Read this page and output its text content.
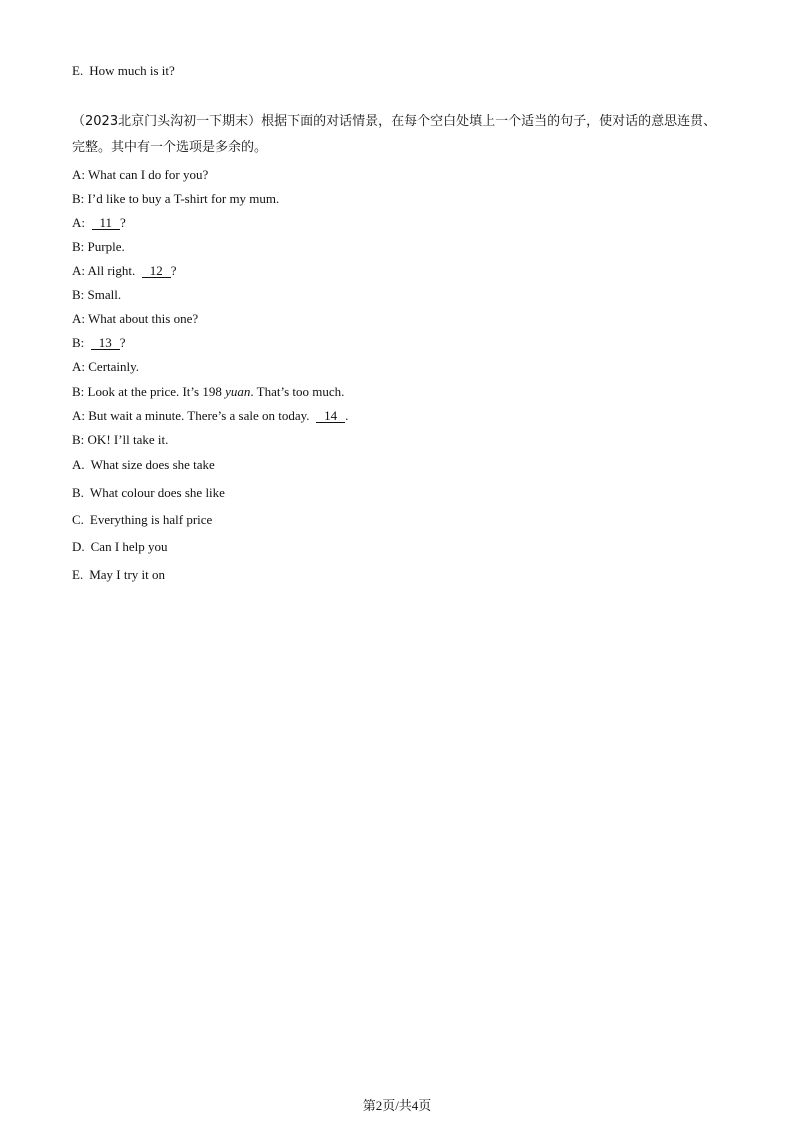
E. How much is it?
（2023北京门头沟初一下期末）根据下面的对话情景，在每个空白处填上一个适当的句子，使对话的意思连贯、完整。其中有一个选项是多余的。
A: What can I do for you?
B: I’d like to buy a T-shirt for my mum.
A: 11 ?
B: Purple.
A: All right. 12 ?
B: Small.
A: What about this one?
B: 13 ?
A: Certainly.
B: Look at the price. It’s 198 yuan. That’s too much.
A: But wait a minute. There’s a sale on today. 14 .
B: OK! I’ll take it.
A. What size does she take
B. What colour does she like
C. Everything is half price
D. Can I help you
E. May I try it on
第2页/共4页
